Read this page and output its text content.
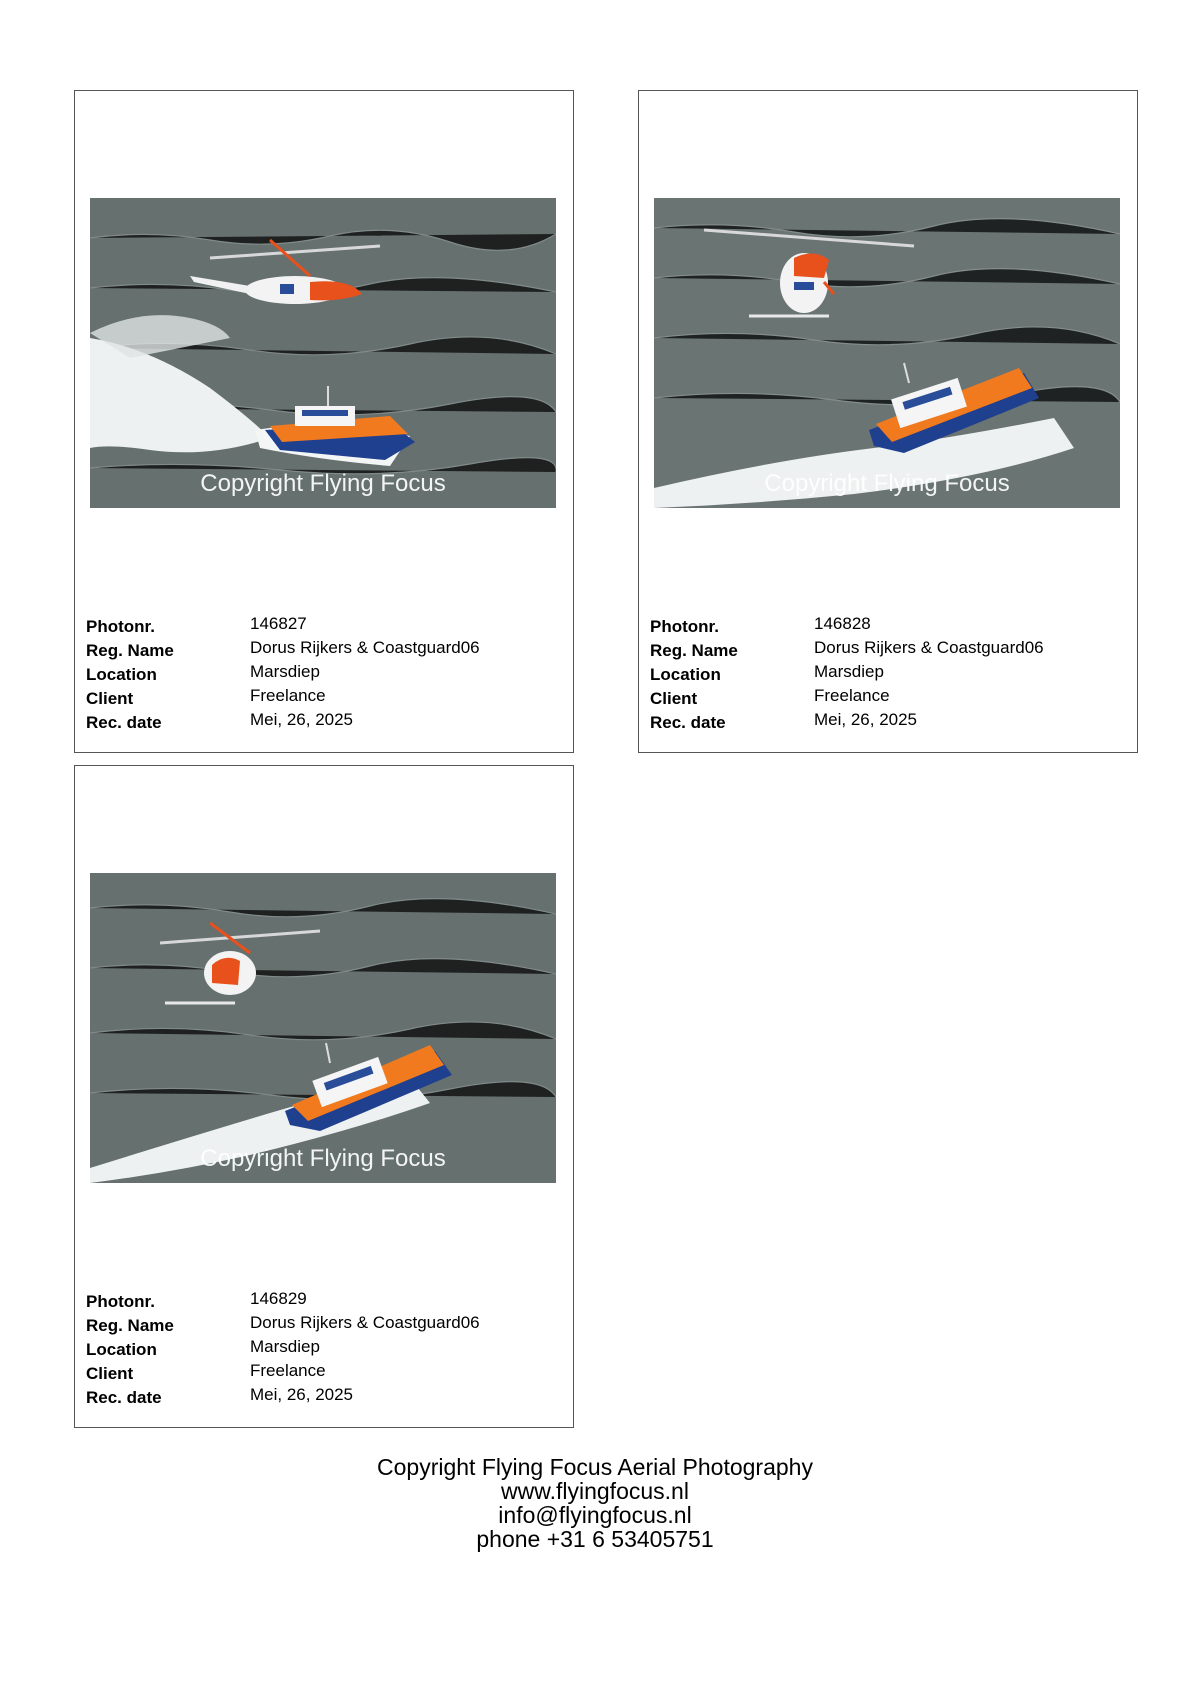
Copyright Flying Focus
Photonr.	146827
Reg. Name	Dorus Rijkers & Coastguard06
Location	Marsdiep
Client	Freelance
Rec. date	Mei, 26, 2025
Copyright Flying Focus
Photonr.	146828
Reg. Name	Dorus Rijkers & Coastguard06
Location	Marsdiep
Client	Freelance
Rec. date	Mei, 26, 2025
Copyright Flying Focus
Photonr.	146829
Reg. Name	Dorus Rijkers & Coastguard06
Location	Marsdiep
Client	Freelance
Rec. date	Mei, 26, 2025
Copyright Flying Focus Aerial Photography
www.flyingfocus.nl
info@flyingfocus.nl
phone +31 6 53405751
